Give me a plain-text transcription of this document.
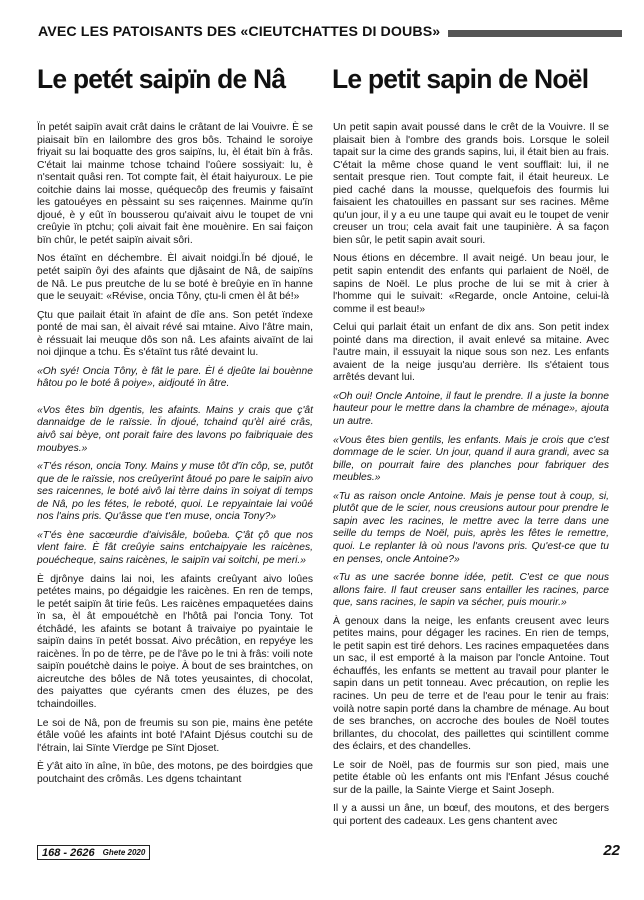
AVEC LES PATOISANTS DES «CIEUTCHATTES DI DOUBS»
Le petét saipïn de Nâ Le petit sapin de Noël

Ïn petét saipïn avait crât dains le crâtant de lai Vouivre. È se piaisait bïn en lailombre des gros bôs. Tchaind le soroiye friyait su lai boquatte des gros saipïns, lu, èl était bïn à frâs. C'était lai mainme tchose tchaind l'oûere sossiyait: lu, è n'sentait quâsi ren. Tot compte fait, èl était haiyuroux. Le pie coitchie dains lai mosse, quéquecôp des freumis y faisaïnt les gatouéyes en pèssaint su ses raiçennes. Mainme qu'ïn djoué, è y eût ïn bousserou qu'aivait aivu le toupet de vni creûyie ïn ptchu; çoli aivait fait ène mouènire. En sai faiçon bïn chûr, le petét saipïn aivait sôri.

Nos étaïnt en déchembre. Èl aivait noidgi.Ïn bé djoué, le petét saipïn ôyi des afaints que djâsaint de Nâ, de saipïns de Nâ. Le pus preutche de lu se boté è breûyie en ïn hanne que le seuyait: «Révise, oncia Tôny, çtu-li cmen èl ât bé!»

Çtu que pailait était ïn afaint de dîe ans. Son petét ïndexe ponté de mai san, èl aivait révé sai mtaine. Aivo l'âtre main, è réssuait lai meuque dôs son nâ. Les afaints aivaïnt de lai noi djinque a tchu. Ès s'étaïnt tus râté devaint lu.

«Oh syé! Oncia Tôny, è fât le pare. Èl é djeûte lai bouènne hâtou po le boté â poiye», aidjouté ïn âtre.

«Vos êtes bïn dgentis, les afaints. Mains y crais que ç'ât dannaidge de le raïssie. Ïn djoué, tchaind qu'èl airé crâs, aivô sai bèye, ont porait faire des lavons po faibriquaie des moubyes.»

«T'és réson, oncia Tony. Mains y muse tôt d'ïn côp, se, putôt que de le raïssie, nos creûyerïnt âtoué po pare le saipïn aivo ses raicennes, le boté aivô lai tèrre dains ïn soiyat di temps de Nâ, po les fétes, le reboté, quoi. Le repyaintaie lai voûé nos l'ains pris. Qu'âsse que t'en muse, oncia Tony?»

«T'és ène sacœurdie d'aivisâle, boûeba. Ç'ât çô que nos vlent faire. È fât creûyie sains entchaipyaie les raicènes, pouécheque, sains raicènes, le saipïn vai soitchi, pe meri.»

È djrônye dains lai noi, les afaints creûyant aivo loûes petétes mains, po dégaidgie les raicènes. En ren de temps, le petét saipïn ât tirie feûs. Les raicènes empaquetées dains ïn sa, èl ât empouétchè en l'hôtâ pai l'oncia Tony. Tot étchâdé, les afaints se botant â traivaiye po pyaintaie le saipïn dains ïn petét bossat. Aivo précâtion, en repyéye les raicènes. Ïn po de tèrre, pe de l'âve po le tni à frâs: voili note saipïn pouétchè dains le poiye. À bout de ses braintches, on aicreutche des bôles de Nâ totes yeusaintes, di chocolat, des paiyattes que cyérants cmen des éluzes, pe des tchaindoilles.

Le soi de Nâ, pon de freumis su son pie, mains ène petéte étâle voûé les afaints int boté l'Afaint Djésus coutchi su de l'étrain, lai Sïnte Vïerdge pe Sïnt Djoset.

È y'ât aito ïn aîne, ïn bûe, des motons, pe des boirdgies que poutchaint des crômâs. Les dgens tchaintant

Un petit sapin avait poussé dans le crêt de la Vouivre. Il se plaisait bien à l'ombre des grands bois. Lorsque le soleil tapait sur la cime des grands sapins, lui, il était bien au frais. C'était la même chose quand le vent soufflait: lui, il ne sentait presque rien. Tout compte fait, il était heureux. Le pied caché dans la mousse, quelquefois des fourmis lui faisaient les chatouilles en passant sur ses racines. Même qu'un jour, il y a eu une taupe qui avait eu le toupet de venir creuser un trou; cela avait fait une taupinière. À sa façon bien sûr, le petit sapin avait souri.

Nous étions en décembre. Il avait neigé. Un beau jour, le petit sapin entendit des enfants qui parlaient de Noël, de sapins de Noël. Le plus proche de lui se mit à crier à l'homme qui le suivait: «Regarde, oncle Antoine, celui-là comme il est beau!»

Celui qui parlait était un enfant de dix ans. Son petit index pointé dans ma direction, il avait enlevé sa mitaine. Avec l'autre main, il essuyait la nique sous son nez. Les enfants avaient de la neige jusqu'au derrière. Ils s'étaient tous arrêtés devant lui.

«Oh oui! Oncle Antoine, il faut le prendre. Il a juste la bonne hauteur pour le mettre dans la chambre de ménage», ajouta un autre.

«Vous êtes bien gentils, les enfants. Mais je crois que c'est dommage de le scier. Un jour, quand il aura grandi, avec sa bille, on pourrait faire des planches pour fabriquer des meubles.»

«Tu as raison oncle Antoine. Mais je pense tout à coup, si, plutôt que de le scier, nous creusions autour pour prendre le sapin avec les racines, le mettre avec la terre dans une seille du temps de Noël, puis, après les fêtes le remettre, quoi. Le replanter là où nous l'avons pris. Qu'est-ce que tu en penses, oncle Antoine?»

«Tu as une sacrée bonne idée, petit. C'est ce que nous allons faire. Il faut creuser sans entailler les racines, parce que, sans racines, le sapin va sécher, puis mourir.»

À genoux dans la neige, les enfants creusent avec leurs petites mains, pour dégager les racines. En rien de temps, le petit sapin est tiré dehors. Les racines empaquetées dans un sac, il est emporté à la maison par l'oncle Antoine. Tout échauffés, les enfants se mettent au travail pour planter le sapin dans un petit tonneau. Avec précaution, on replie les racines. Un peu de terre et de l'eau pour le tenir au frais: voilà notre sapin porté dans la chambre de ménage. Au bout de ses branches, on accroche des boules de Noël toutes brillantes, du chocolat, des paillettes qui scintillent comme des éclairs, et des chandelles.

Le soir de Noël, pas de fourmis sur son pied, mais une petite étable où les enfants ont mis l'Enfant Jésus couché sur de la paille, la Sainte Vierge et Saint Joseph.

Il y a aussi un âne, un bœuf, des moutons, et des bergers qui portent des cadeaux. Les gens chantent avec

168 - 2626 Ghete 2020	22
